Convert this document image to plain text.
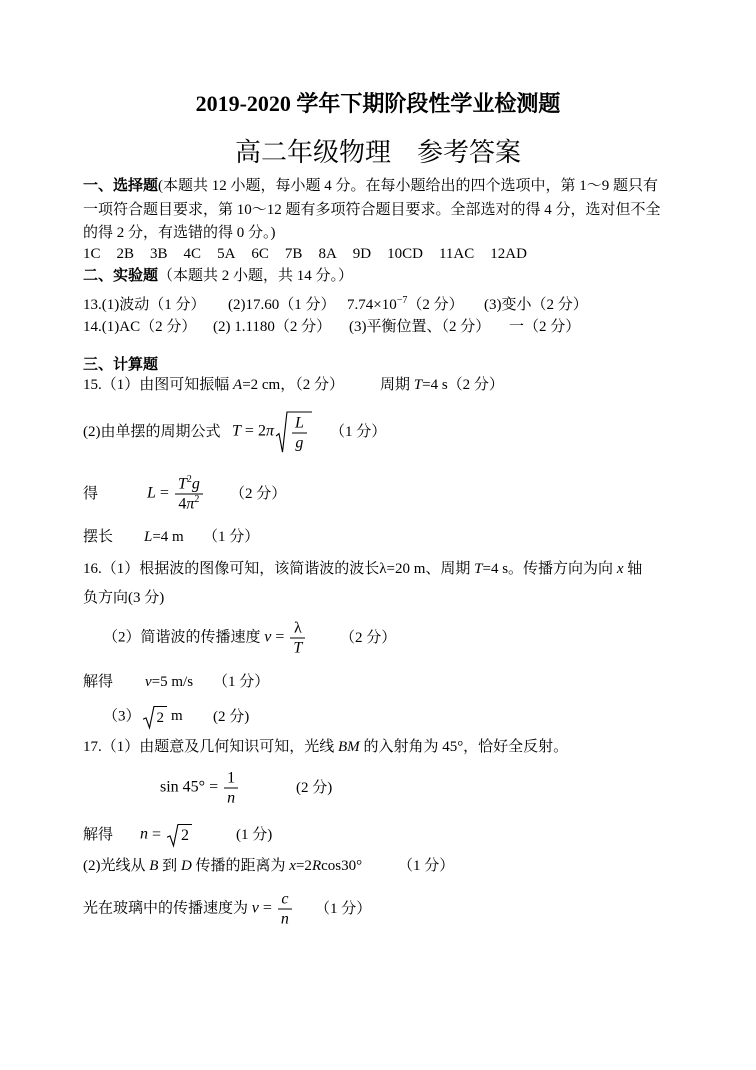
2019-2020 学年下期阶段性学业检测题
高二年级物理　参考答案
一、选择题(本题共 12 小题，每小题 4 分。在每小题给出的四个选项中，第 1～9 题只有
一项符合题目要求，第 10～12 题有多项符合题目要求。全部选对的得 4 分，选对但不全
的得 2 分，有选错的得 0 分。)
1C 2B 3B 4C 5A 6C 7B 8A 9D 10CD 11AC 12AD
二、实验题（本题共 2 小题，共 14 分。）
13.(1)波动（1 分） (2)17.60（1 分） $7.74\times 10^{-7}(2$ 分） (3)变小（2 分）
14.(1)AC（2 分） (2) 1.1180（2 分） (3)平衡位置、（2 分） 一（2 分）
三、计算题
15.（1）由图可知振幅 A=2 cm，（2 分） 周期 T=4 s（2 分）
(2)由单摆的周期公式 $T = 2\pi \frac{L}{g} (1$ 分）
得	$L = \frac{T^2g}{4\pi^2} (2$ 分）
摆长 L=4 m （1 分）
16.（1）根据波的图像可知，该简谐波的波长λ=20 m、周期 T=4 s。传播方向为向 x 轴
负方向(3 分)
（2）简谐波的传播速度 $v = \frac{\lambda}{T} (2$ 分）
解得 v=5 m/s （1 分）
（3） 2 m (2 分)
17.（1）由题意及几何知识可知，光线 BM 的入射角为 45°，恰好全反射。
$\sin 45^\circ = \frac{1}{n}$	(2 分)
解得 n = 2	(1 分)
(2)光线从 B 到 D 传播的距离为 x=2Rcos30° （1 分）
光在玻璃中的传播速度为 $v = \frac{c}{n} (1$ 分）
